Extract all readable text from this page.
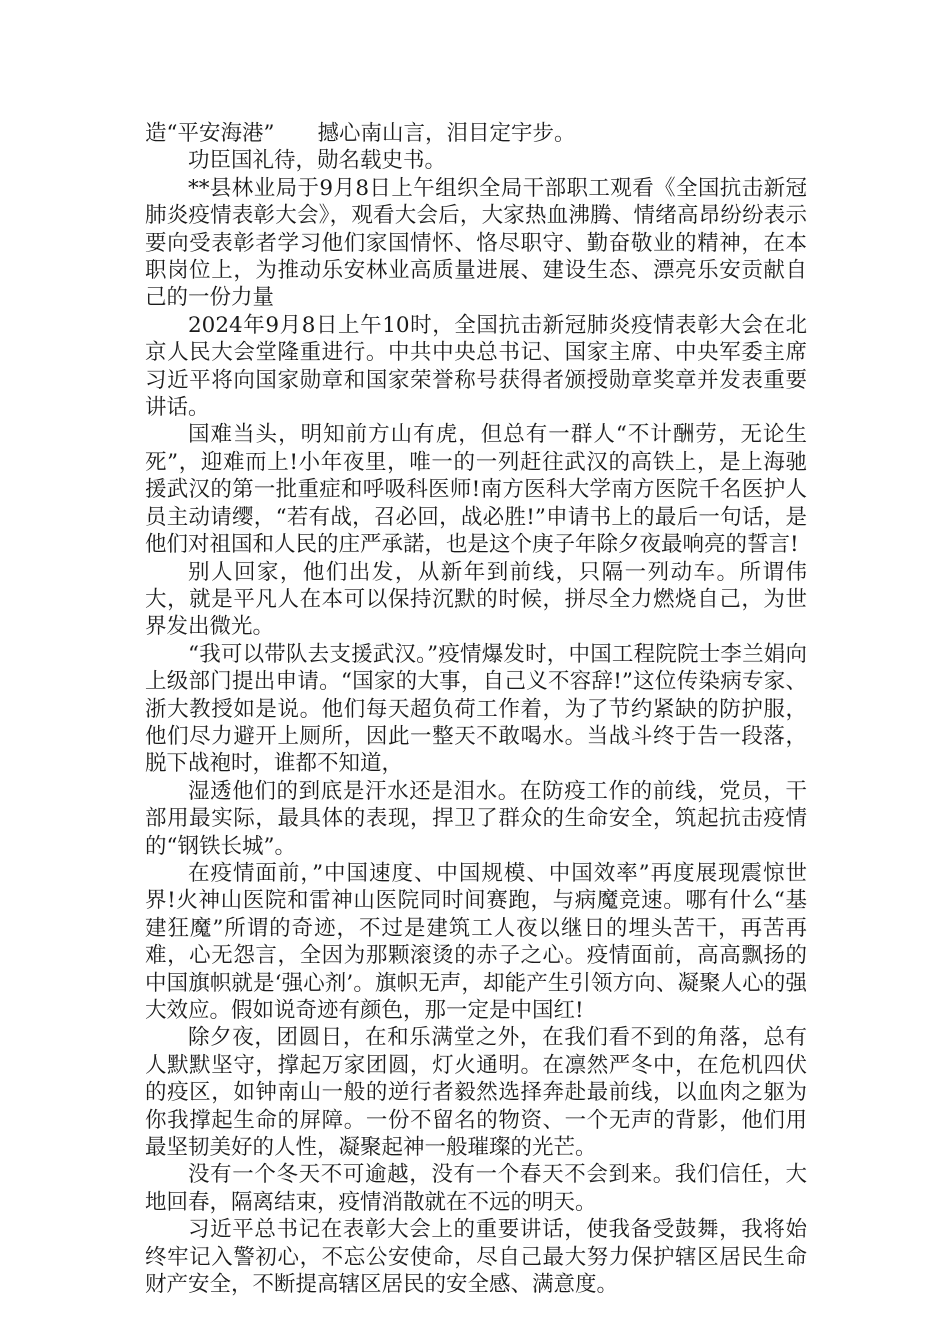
造“平安海港”　　撼心南山言，泪目定宇步。

功臣国礼待，勋名载史书。

**县林业局于9月8日上午组织全局干部职工观看《全国抗击新冠肺炎疫情表彰大会》，观看大会后，大家热血沸腾、情绪高昂纷纷表示要向受表彰者学习他们家国情怀、恪尽职守、勤奋敬业的精神，在本职岗位上，为推动乐安林业高质量进展、建设生态、漂亮乐安贡献自己的一份力量

2024年9月8日上午10时，全国抗击新冠肺炎疫情表彰大会在北京人民大会堂隆重进行。中共中央总书记、国家主席、中央军委主席习近平将向国家勋章和国家荣誉称号获得者颁授勋章奖章并发表重要讲话。

国难当头，明知前方山有虎，但总有一群人“不计酬劳，无论生死”，迎难而上!小年夜里，唯一的一列赶往武汉的高铁上，是上海驰援武汉的第一批重症和呼吸科医师!南方医科大学南方医院千名医护人员主动请缨，“若有战，召必回，战必胜!”申请书上的最后一句话，是他们对祖国和人民的庄严承諾，也是这个庚子年除夕夜最响亮的誓言!

别人回家，他们出发，从新年到前线，只隔一列动车。所谓伟大，就是平凡人在本可以保持沉默的时候，拼尽全力燃烧自己，为世界发出微光。

“我可以带队去支援武汉。”疫情爆发时，中国工程院院士李兰娟向上级部门提出申请。“国家的大事，自己义不容辞!”这位传染病专家、浙大教授如是说。他们每天超负荷工作着，为了节约紧缺的防护服，他们尽力避开上厕所，因此一整天不敢喝水。当战斗终于告一段落，脱下战袍时，谁都不知道，

湿透他们的到底是汗水还是泪水。在防疫工作的前线，党员，干部用最实际，最具体的表现，捍卫了群众的生命安全，筑起抗击疫情的“钢铁长城”。

在疫情面前，”中国速度、中国规模、中国效率”再度展现震惊世界!火神山医院和雷神山医院同时间赛跑，与病魔竞速。哪有什么“基建狂魔”所谓的奇迹，不过是建筑工人夜以继日的埋头苦干，再苦再难，心无怨言，全因为那颗滚烫的赤子之心。疫情面前，高高飘扬的中国旗帜就是‘强心剂’。旗帜无声，却能产生引领方向、凝聚人心的强大效应。假如说奇迹有颜色，那一定是中国红!

除夕夜，团圆日，在和乐满堂之外，在我们看不到的角落，总有人默默坚守，撑起万家团圆，灯火通明。在凛然严冬中，在危机四伏的疫区，如钟南山一般的逆行者毅然选择奔赴最前线，以血肉之躯为你我撑起生命的屏障。一份不留名的物资、一个无声的背影，他们用最坚韧美好的人性，凝聚起神一般璀璨的光芒。

没有一个冬天不可逾越，没有一个春天不会到来。我们信任，大地回春，隔离结束，疫情消散就在不远的明天。

习近平总书记在表彰大会上的重要讲话，使我备受鼓舞，我将始终牢记入警初心，不忘公安使命，尽自己最大努力保护辖区居民生命财产安全，不断提高辖区居民的安全感、满意度。
